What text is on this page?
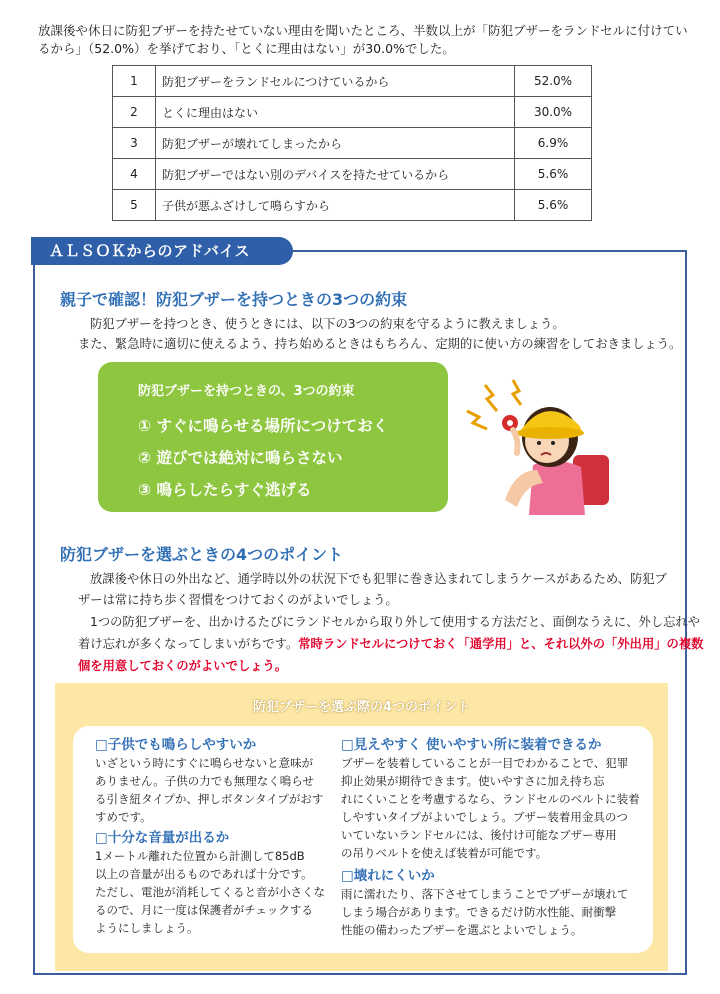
放課後や休日に防犯ブザーを持たせていない理由を聞いたところ、半数以上が「防犯ブザーをランドセルに付けているから」（52.0%）を挙げており、「とくに理由はない」が30.0%でした。
1	防犯ブザーをランドセルにつけているから	52.0%
2	とくに理由はない	30.0%
3	防犯ブザーが壊れてしまったから	6.9%
4	防犯ブザーではない別のデバイスを持たせているから	5.6%
5	子供が悪ふざけして鳴らすから	5.6%
ＡＬＳＯＫからのアドバイス
親子で確認！防犯ブザーを持つときの3つの約束
防犯ブザーを持つとき、使うときには、以下の3つの約束を守るように教えましょう。
また、緊急時に適切に使えるよう、持ち始めるときはもちろん、定期的に使い方の練習をしておきましょう。
防犯ブザーを持つときの、3つの約束
① すぐに鳴らせる場所につけておく
② 遊びでは絶対に鳴らさない
③ 鳴らしたらすぐ逃げる
防犯ブザーを選ぶときの4つのポイント
放課後や休日の外出など、通学時以外の状況下でも犯罪に巻き込まれてしまうケースがあるため、防犯ブ
ザーは常に持ち歩く習慣をつけておくのがよいでしょう。
1つの防犯ブザーを、出かけるたびにランドセルから取り外して使用する方法だと、面倒なうえに、外し忘れや
着け忘れが多くなってしまいがちです。常時ランドセルにつけておく「通学用」と、それ以外の「外出用」の複数
個を用意しておくのがよいでしょう。
防犯ブザーを選ぶ際の4つのポイント
□子供でも鳴らしやすいか
いざという時にすぐに鳴らせないと意味が
ありません。子供の力でも無理なく鳴らせ
る引き紐タイプか、押しボタンタイプがおす
すめです。
□十分な音量が出るか
1メートル離れた位置から計測して85dB
以上の音量が出るものであれば十分です。
ただし、電池が消耗してくると音が小さくな
るので、月に一度は保護者がチェックする
ようにしましょう。
□見えやすく 使いやすい所に装着できるか
ブザーを装着していることが一目でわかることで、犯罪
抑止効果が期待できます。使いやすさに加え持ち忘
れにくいことを考慮するなら、ランドセルのベルトに装着
しやすいタイプがよいでしょう。ブザー装着用金具のつ
いていないランドセルには、後付け可能なブザー専用
の吊りベルトを使えば装着が可能です。
□壊れにくいか
雨に濡れたり、落下させてしまうことでブザーが壊れて
しまう場合があります。できるだけ防水性能、耐衝撃
性能の備わったブザーを選ぶとよいでしょう。
